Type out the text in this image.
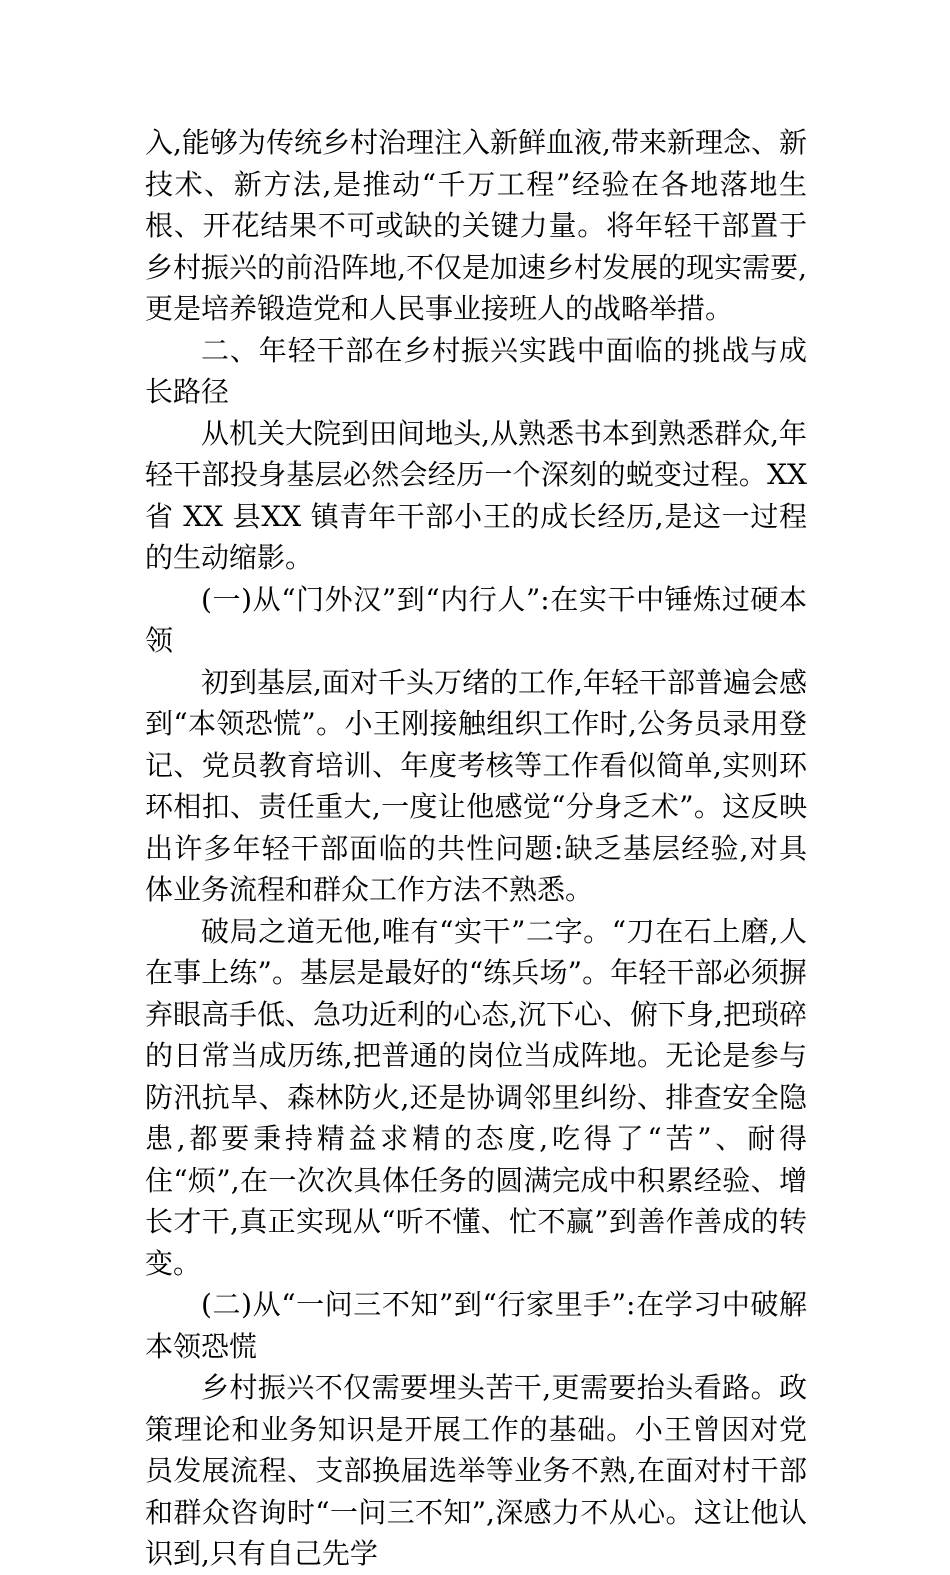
入,能够为传统乡村治理注入新鲜血液,带来新理念、新技术、新方法,是推动“千万工程”经验在各地落地生根、开花结果不可或缺的关键力量。将年轻干部置于乡村振兴的前沿阵地,不仅是加速乡村发展的现实需要,更是培养锻造党和人民事业接班人的战略举措。

二、年轻干部在乡村振兴实践中面临的挑战与成长路径

从机关大院到田间地头,从熟悉书本到熟悉群众,年轻干部投身基层必然会经历一个深刻的蜕变过程。XX 省 XX 县XX 镇青年干部小王的成长经历,是这一过程的生动缩影。

(一)从“门外汉”到“内行人”:在实干中锤炼过硬本领

初到基层,面对千头万绪的工作,年轻干部普遍会感到“本领恐慌”。小王刚接触组织工作时,公务员录用登记、党员教育培训、年度考核等工作看似简单,实则环环相扣、责任重大,一度让他感觉“分身乏术”。这反映出许多年轻干部面临的共性问题:缺乏基层经验,对具体业务流程和群众工作方法不熟悉。

破局之道无他,唯有“实干”二字。“刀在石上磨,人在事上练”。基层是最好的“练兵场”。年轻干部必须摒弃眼高手低、急功近利的心态,沉下心、俯下身,把琐碎的日常当成历练,把普通的岗位当成阵地。无论是参与防汛抗旱、森林防火,还是协调邻里纠纷、排查安全隐患,都要秉持精益求精的态度,吃得了“苦”、耐得住“烦”,在一次次具体任务的圆满完成中积累经验、增长才干,真正实现从“听不懂、忙不赢”到善作善成的转变。

(二)从“一问三不知”到“行家里手”:在学习中破解本领恐慌

乡村振兴不仅需要埋头苦干,更需要抬头看路。政策理论和业务知识是开展工作的基础。小王曾因对党员发展流程、支部换届选举等业务不熟,在面对村干部和群众咨询时“一问三不知”,深感力不从心。这让他认识到,只有自己先学
